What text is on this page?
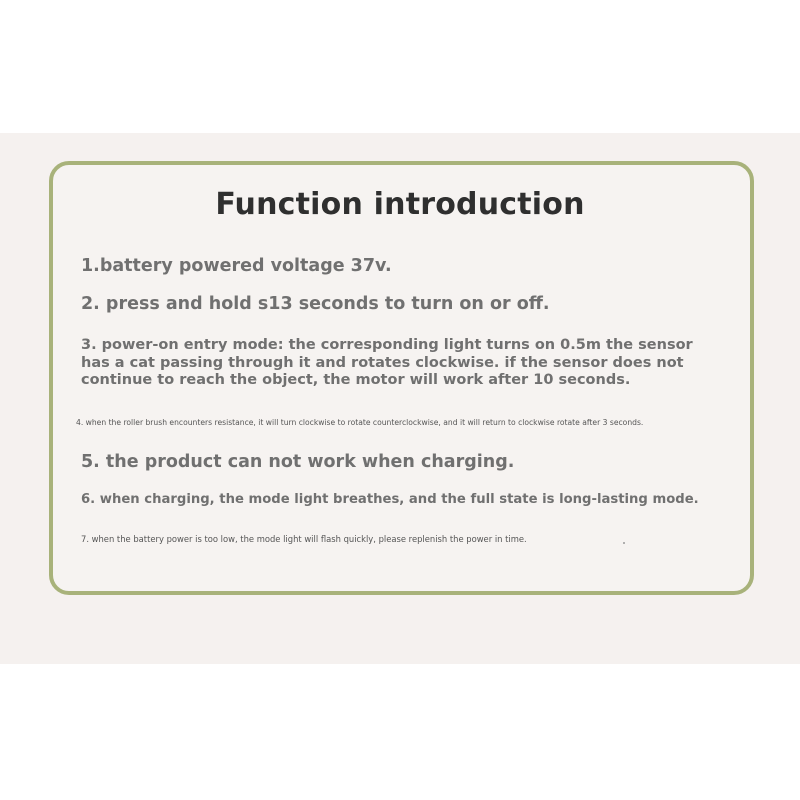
Function introduction
1.battery powered voltage 37v.
2. press and hold s13 seconds to turn on or off.
3. power-on entry mode: the corresponding light turns on 0.5m the sensor
has a cat passing through it and rotates clockwise. if the sensor does not
continue to reach the object, the motor will work after 10 seconds.
4. when the roller brush encounters resistance, it will turn clockwise to rotate counterclockwise, and it will return to clockwise rotate after 3 seconds.
5. the product can not work when charging.
6. when charging, the mode light breathes, and the full state is long-lasting mode.
7. when the battery power is too low, the mode light will flash quickly, please replenish the power in time.
